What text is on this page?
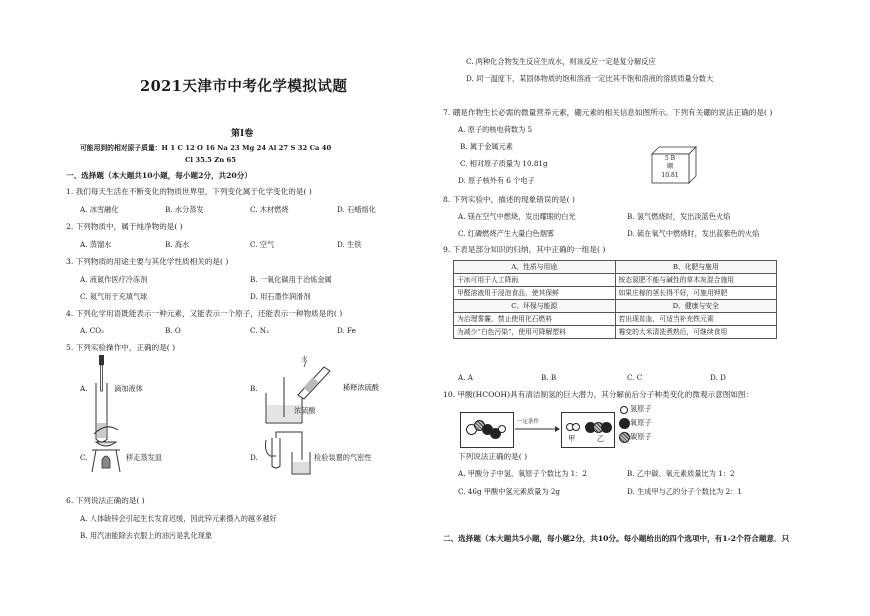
2021天津市中考化学模拟试题
第Ⅰ卷
可能用到的相对原子质量：H 1 C 12 O 16 Na 23 Mg 24 Al 27 S 32 Ca 40
Cl 35.5 Zn 65
一、选择题（本大题共10小题，每小题2分，共20分）
1. 我们每天生活在不断变化的物质世界里，下列变化属于化学变化的是( )
A. 冰雪融化	B. 水分蒸发	C. 木材燃烧	D. 石蜡熔化
2. 下列物质中，属于纯净物的是( )
A. 蒸馏水	B. 海水	C. 空气	D. 生铁
3. 下列物质的用途主要与其化学性质相关的是( )
A. 液氮作医疗冷冻剂	B. 一氧化碳用于冶炼金属
C. 氦气用于充填气球	D. 用石墨作润滑剂
4. 下列化学用语既能表示一种元素，又能表示一个原子，还能表示一种物质是的( )
A. CO₂	B. O	C. N₂	D. Fe
5. 下列实验操作中，正确的是( )
A.	滴加液体	B.
水
稀释浓硫酸
浓硫酸
C.	移走蒸发皿	D.	检验装置的气密性
6. 下列说法正确的是( )
A. 人体缺锌会引起生长发育迟缓，因此锌元素摄入的越多越好
B. 用汽油能除去衣服上的油污是乳化现象
C. 两种化合物发生反应生成水，则该反应一定是复分解反应
D. 同一温度下，某固体物质的饱和溶液一定比其不饱和溶液的溶质质量分数大
7. 硼是作物生长必需的微量营养元素，硼元素的相关信息如图所示。下列有关硼的说法正确的是( )
A. 原子的核电荷数为 5
B. 属于金属元素
C. 相对原子质量为 10.81g
D. 原子核外有 6 个电子
5 B
硼
10.81
8. 下列实验中，描述的现象错误的是( )
A. 镁在空气中燃烧，发出耀眼的白光	B. 氢气燃烧时，发出淡蓝色火焰
C. 红磷燃烧产生大量白色烟雾	D. 硫在氧气中燃烧时，发出蓝紫色的火焰
9. 下表是部分知识的归纳，其中正确的一组是( )
A、性质与用途	B、化肥与施用
干冰可用于人工降雨	铵态氮肥不能与碱性的草木灰混合施用
甲醛溶液用于浸泡食品，使其保鲜	如果庄稼的茎长得不好，可施用钾肥
C、环保与能源	D、健康与安全
为治理雾霾，禁止使用化石燃料	若出现贫血，可适当补充铁元素
为减少“白色污染”，使用可降解塑料	霉变的大米清洗煮熟后，可继续食用
A. A	B. B	C. C	D. D
10. 甲酸(HCOOH)具有清洁制氢的巨大潜力，其分解前后分子种类变化的微观示意图如图：
一定条件
甲	乙
氢原子
氧原子
碳原子
下列说法正确的是( )
A. 甲酸分子中氢、氧原子个数比为 1：2	B. 乙中碳、氧元素质量比为 1：2
C. 46g 甲酸中氢元素质量为 2g	D. 生成甲与乙的分子个数比为 2：1
二、选择题（本大题共5小题，每小题2分，共10分。每小题给出的四个选项中，有1-2个符合题意．只
